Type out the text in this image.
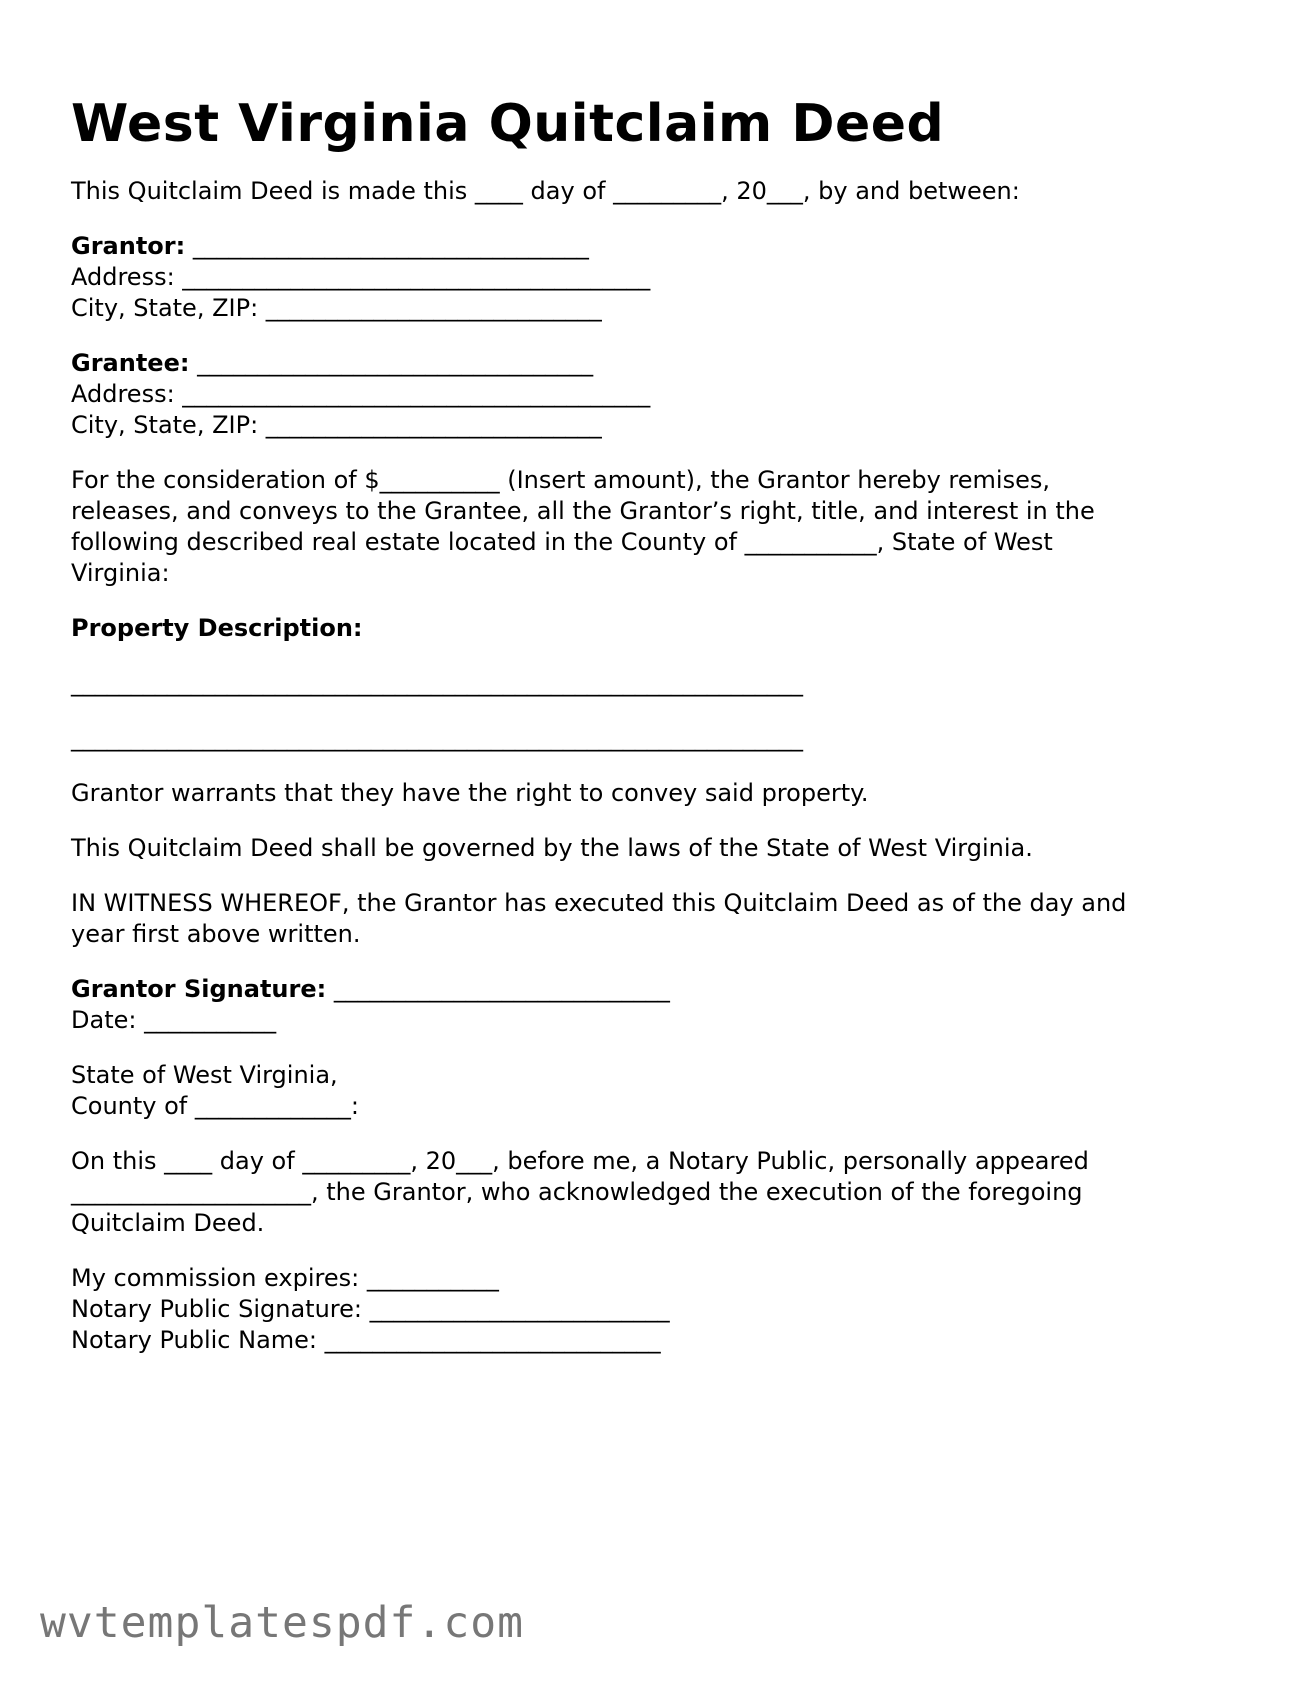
West Virginia Quitclaim Deed

This Quitclaim Deed is made this ____ day of _________, 20___, by and between:

Grantor: _________________________________
Address: _______________________________________
City, State, ZIP: ____________________________
Grantee: _________________________________
Address: _______________________________________
City, State, ZIP: ____________________________
For the consideration of $__________ (Insert amount), the Grantor hereby remises,
releases, and conveys to the Grantee, all the Grantor’s right, title, and interest in the
following described real estate located in the County of ___________, State of West
Virginia:
Property Description:
_____________________________________________________________
_____________________________________________________________

Grantor warrants that they have the right to convey said property.

This Quitclaim Deed shall be governed by the laws of the State of West Virginia.

IN WITNESS WHEREOF, the Grantor has executed this Quitclaim Deed as of the day and
year first above written.
Grantor Signature: ____________________________
Date: ___________
State of West Virginia,
County of _____________:
On this ____ day of _________, 20___, before me, a Notary Public, personally appeared
____________________, the Grantor, who acknowledged the execution of the foregoing
Quitclaim Deed.
My commission expires: ___________
Notary Public Signature: _________________________
Notary Public Name: ____________________________
wvtemplatespdf.com
